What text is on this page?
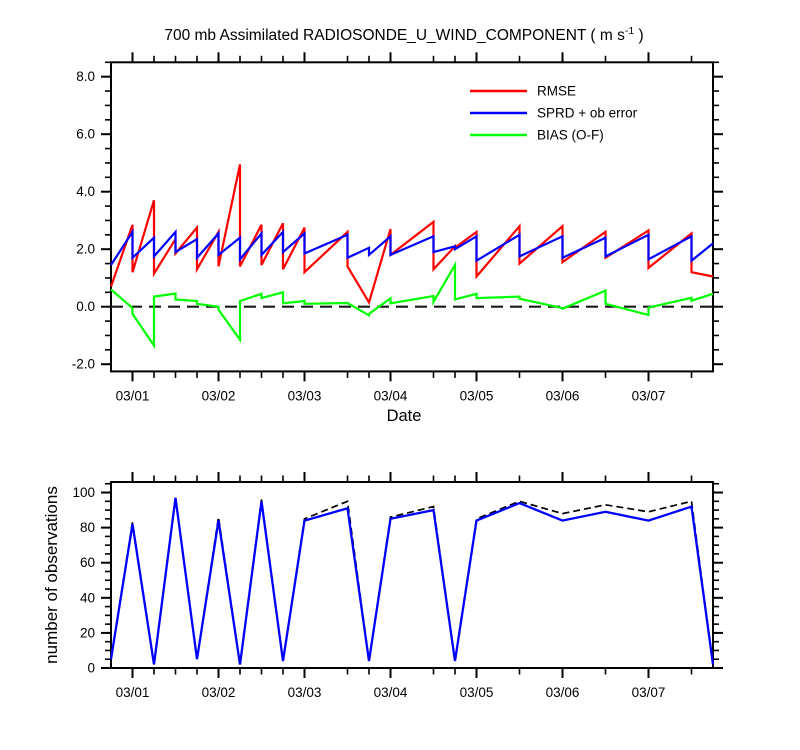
700 mb Assimilated RADIOSONDE_U_WIND_COMPONENT ( m $s^{-1}$ )
03/01	03/02	03/03	03/04	03/05	03/06	03/07
-2.0
0.0
2.0
4.0
6.0
8.0
RMSE
SPRD + ob error
BIAS (O-F)
Date
03/01	03/02	03/03	03/04	03/05	03/06	03/07
0
20
40
60
80
100
number of observations
